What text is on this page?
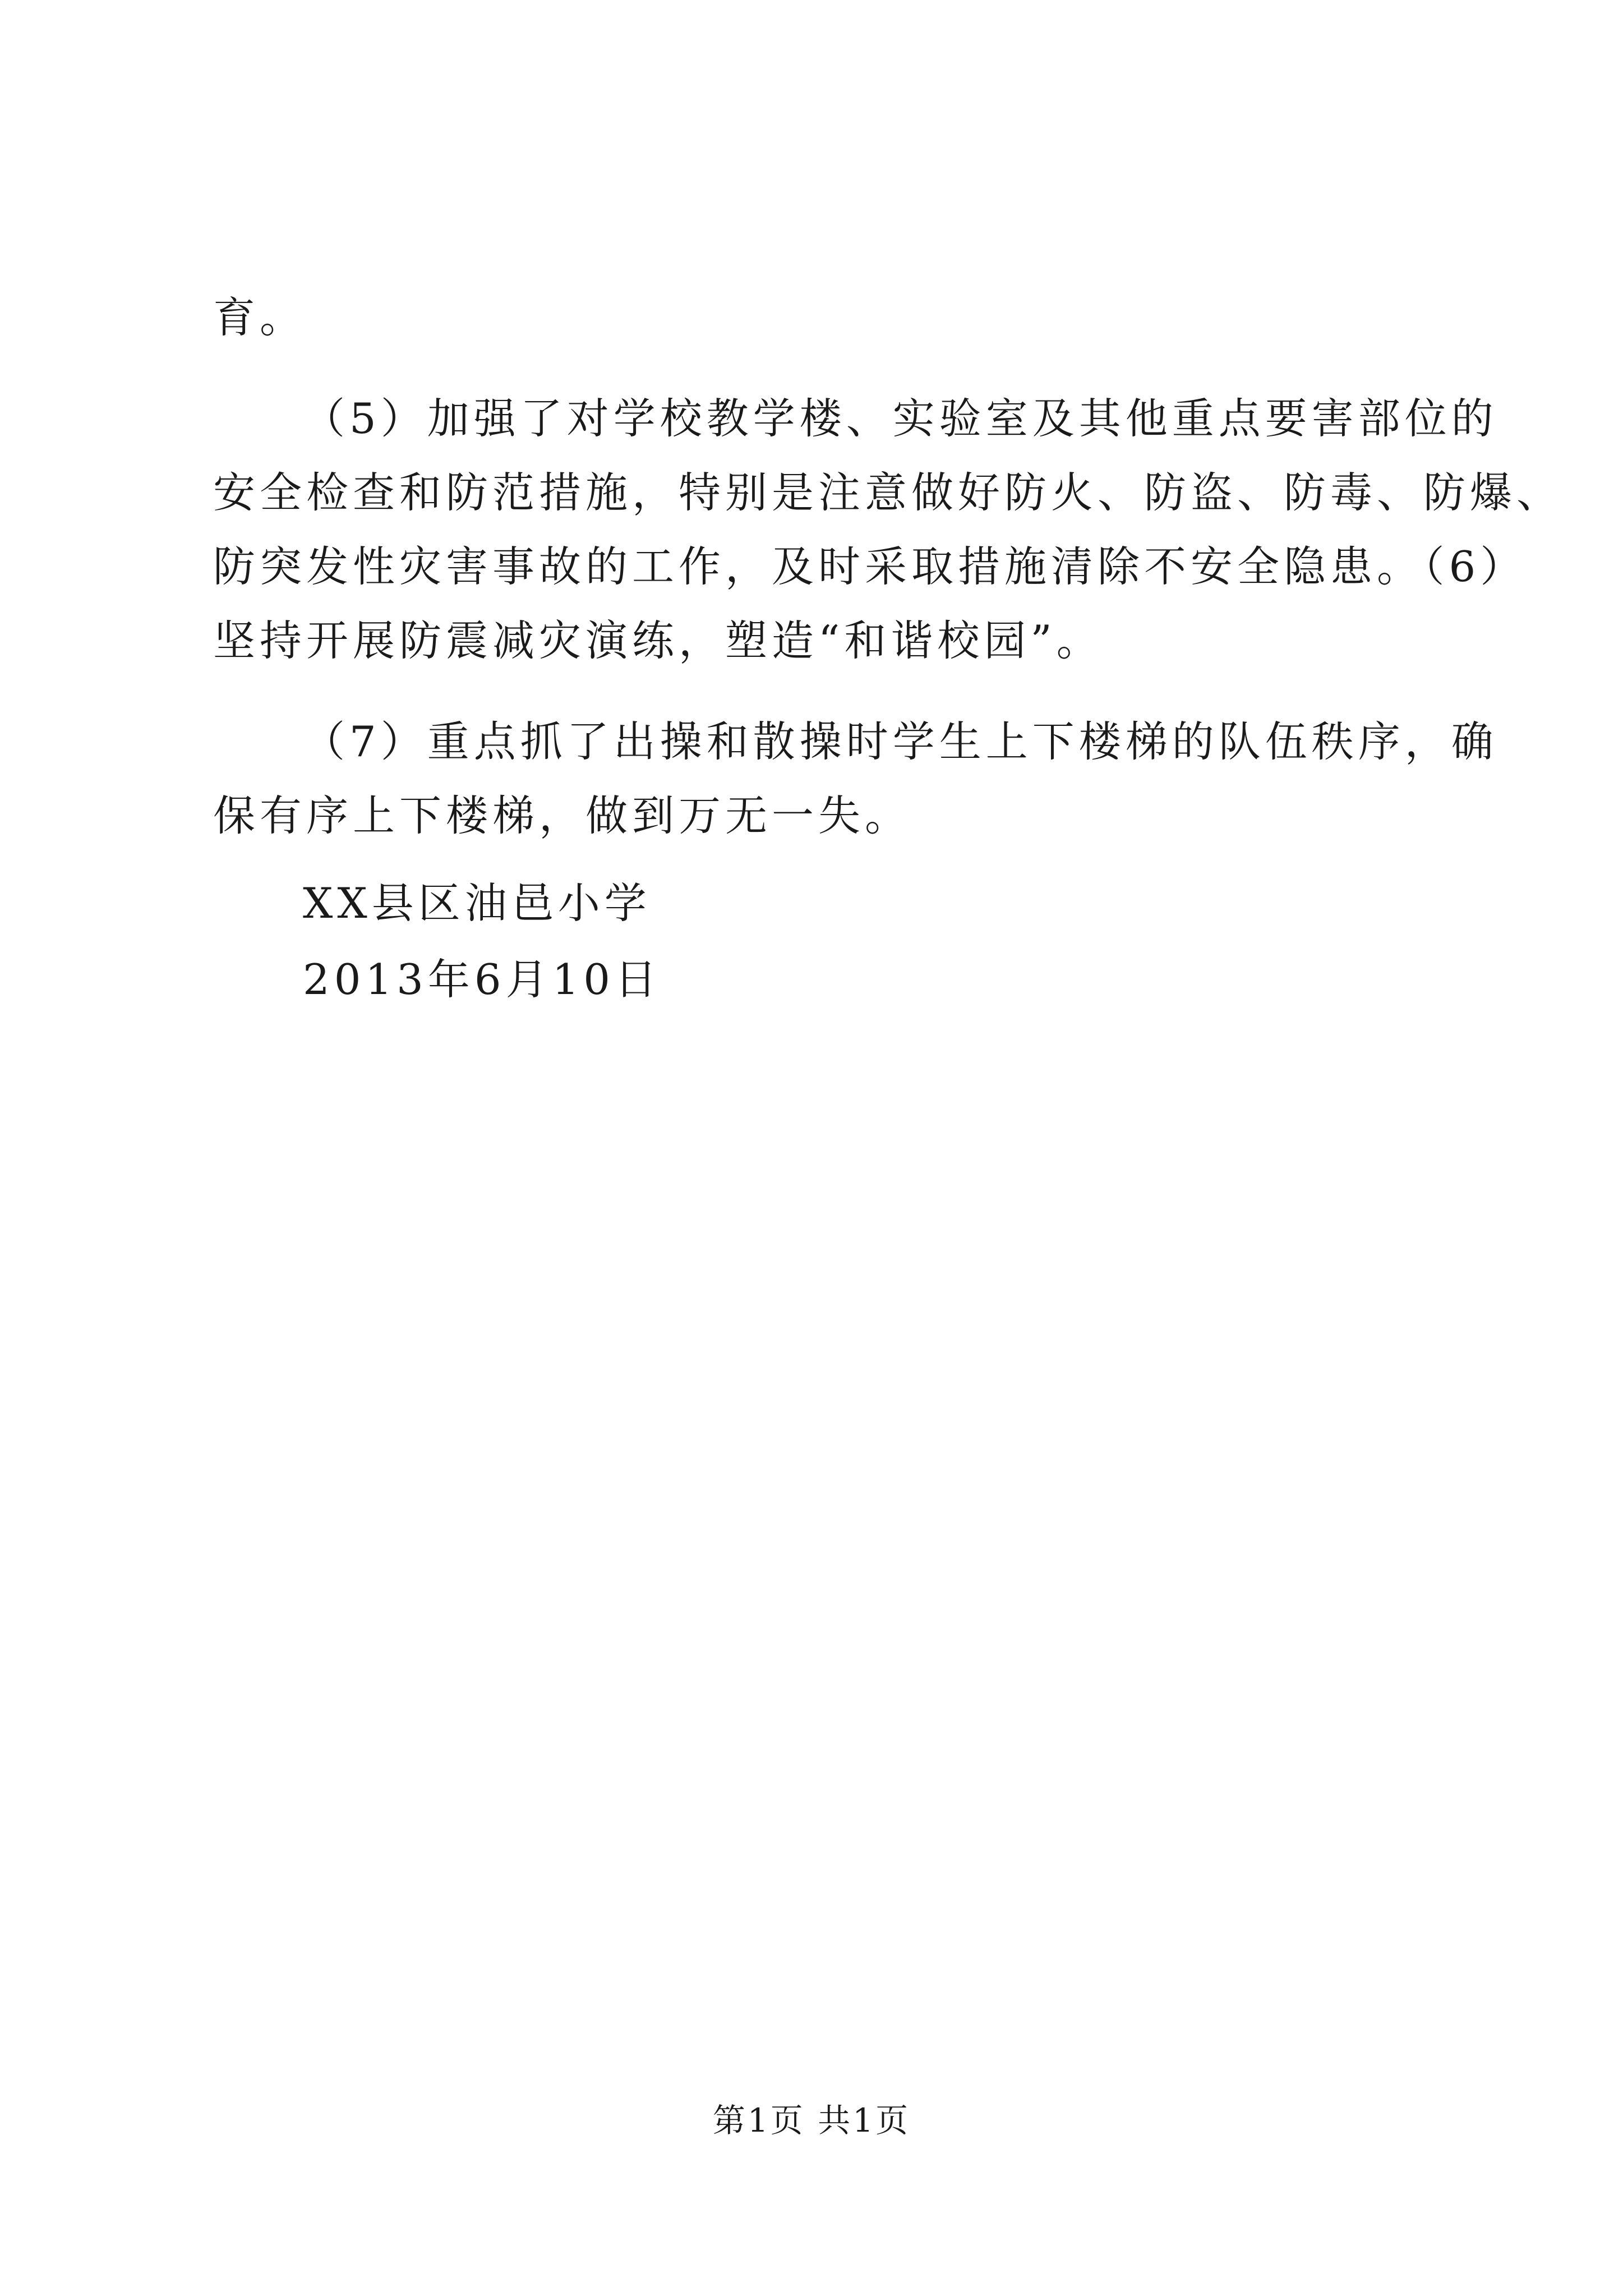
育。

（5）加强了对学校教学楼、实验室及其他重点要害部位的

安全检查和防范措施，特别是注意做好防火、防盗、防毒、防爆、

防突发性灾害事故的工作，及时采取措施清除不安全隐患。（6）

坚持开展防震减灾演练，塑造“和谐校园”。

（7）重点抓了出操和散操时学生上下楼梯的队伍秩序，确

保有序上下楼梯，做到万无一失。

XX县区油邑小学

2013年6月10日

第1页 共1页
